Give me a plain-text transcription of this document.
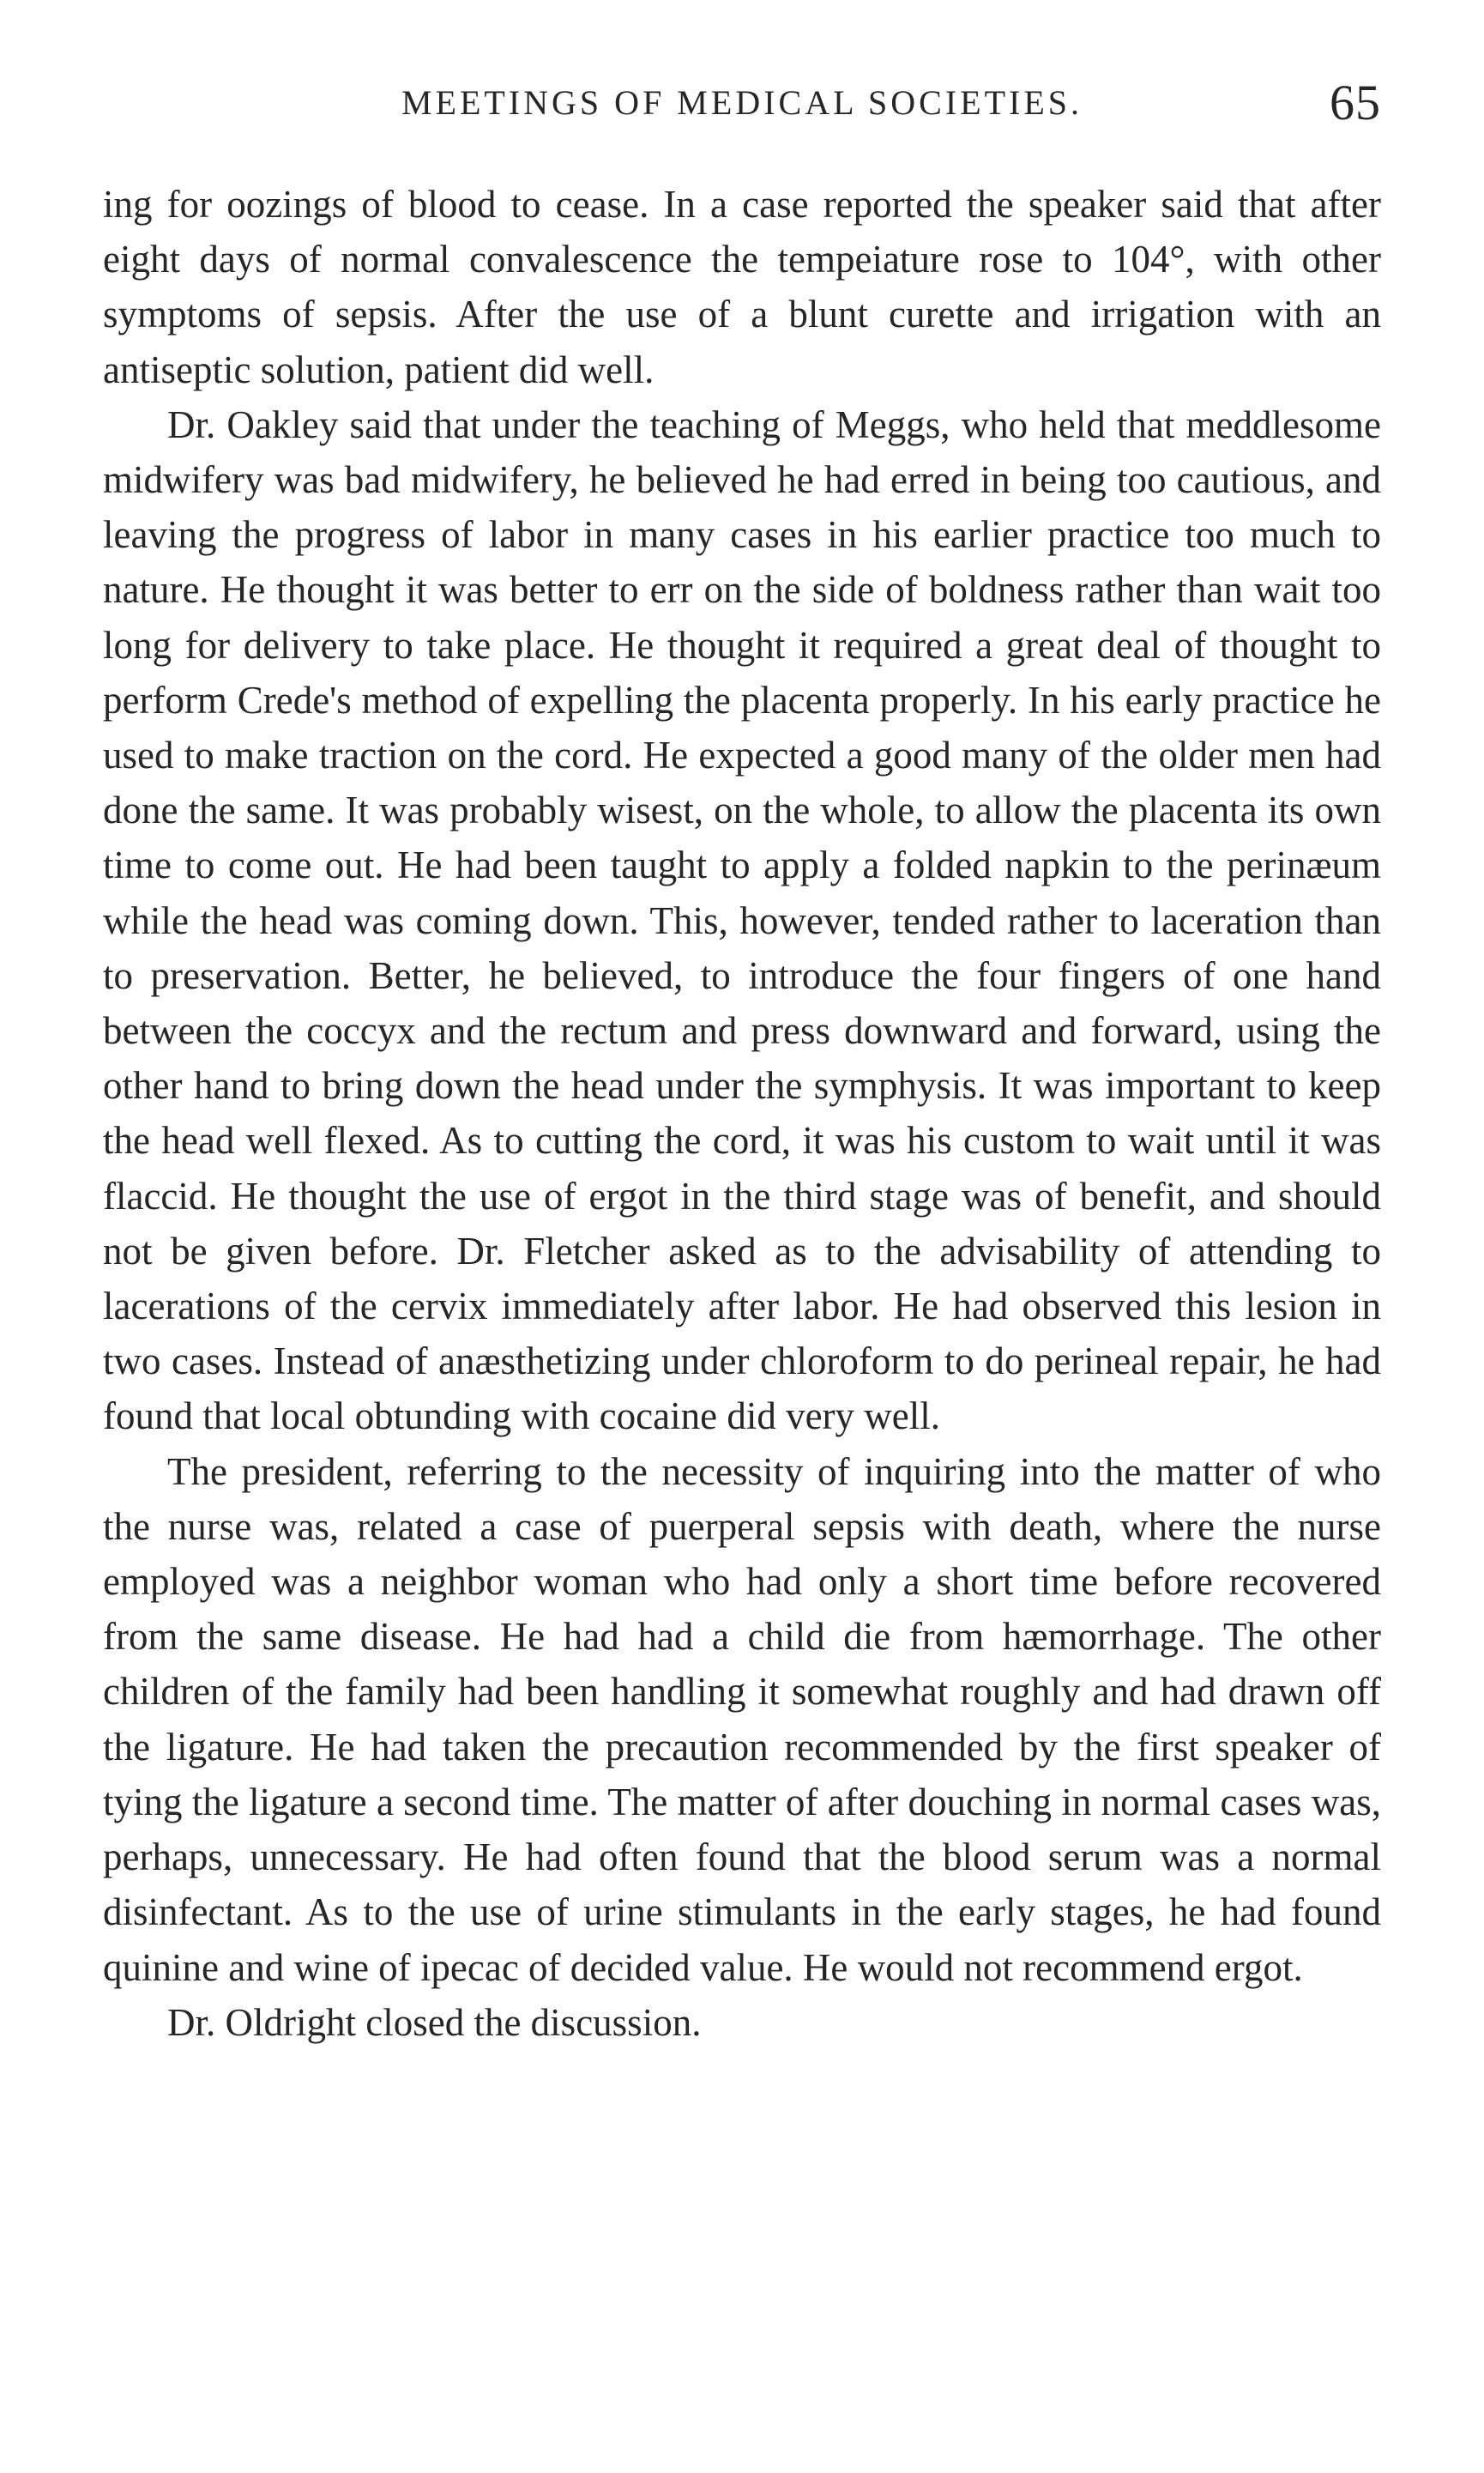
MEETINGS OF MEDICAL SOCIETIES.	65

ing for oozings of blood to cease. In a case reported the speaker said that after eight days of normal convalescence the tempeiature rose to 104°, with other symptoms of sepsis. After the use of a blunt curette and irrigation with an antiseptic solution, patient did well.

Dr. Oakley said that under the teaching of Meggs, who held that meddlesome midwifery was bad midwifery, he believed he had erred in being too cautious, and leaving the progress of labor in many cases in his earlier practice too much to nature. He thought it was better to err on the side of boldness rather than wait too long for delivery to take place. He thought it required a great deal of thought to perform Crede's method of expelling the placenta properly. In his early practice he used to make traction on the cord. He expected a good many of the older men had done the same. It was probably wisest, on the whole, to allow the placenta its own time to come out. He had been taught to apply a folded napkin to the perinæum while the head was coming down. This, however, tended rather to laceration than to preservation. Better, he believed, to introduce the four fingers of one hand between the coccyx and the rectum and press downward and forward, using the other hand to bring down the head under the symphysis. It was important to keep the head well flexed. As to cutting the cord, it was his custom to wait until it was flaccid. He thought the use of ergot in the third stage was of benefit, and should not be given before. Dr. Fletcher asked as to the advisability of attending to lacerations of the cervix immediately after labor. He had observed this lesion in two cases. Instead of anæsthetizing under chloroform to do perineal repair, he had found that local obtunding with cocaine did very well.

The president, referring to the necessity of inquiring into the matter of who the nurse was, related a case of puerperal sepsis with death, where the nurse employed was a neighbor woman who had only a short time before recovered from the same disease. He had had a child die from hæmorrhage. The other children of the family had been handling it somewhat roughly and had drawn off the ligature. He had taken the precaution recommended by the first speaker of tying the ligature a second time. The matter of after douching in normal cases was, perhaps, unnecessary. He had often found that the blood serum was a normal disinfectant. As to the use of urine stimulants in the early stages, he had found quinine and wine of ipecac of decided value. He would not recommend ergot.

Dr. Oldright closed the discussion.
